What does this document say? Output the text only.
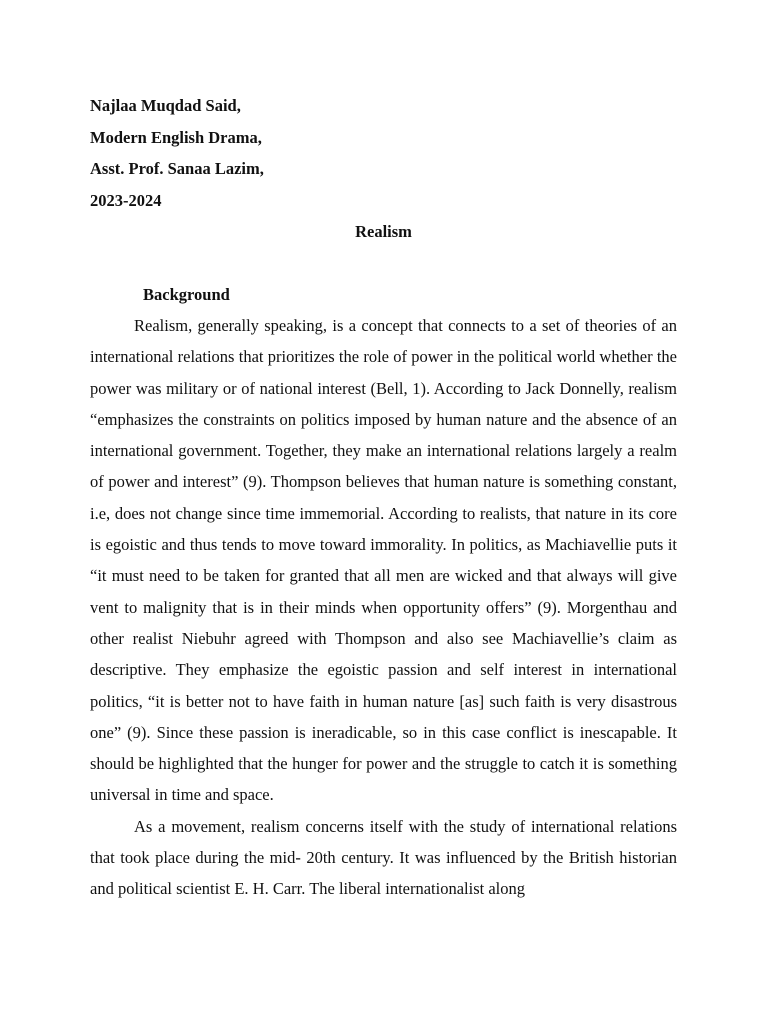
Najlaa Muqdad Said,

Modern English Drama,

Asst. Prof. Sanaa Lazim,

2023-2024

Realism

Background

Realism, generally speaking, is a concept that connects to a set of theories of an international relations that prioritizes the role of power in the political world whether the power was military or of national interest (Bell, 1). According to Jack Donnelly, realism “emphasizes the constraints on politics imposed by human nature and the absence of an international government. Together, they make an international relations largely a realm of power and interest” (9). Thompson believes that human nature is something constant, i.e, does not change since time immemorial. According to realists, that nature in its core is egoistic and thus tends to move toward immorality. In politics, as Machiavellie puts it “it must need to be taken for granted that all men are wicked and that always will give vent to malignity that is in their minds when opportunity offers” (9). Morgenthau and other realist Niebuhr agreed with Thompson and also see Machiavellie’s claim as descriptive. They emphasize the egoistic passion and self interest in international politics, “it is better not to have faith in human nature [as] such faith is very disastrous one” (9). Since these passion is ineradicable, so in this case conflict is inescapable. It should be highlighted that the hunger for power and the struggle to catch it is something universal in time and space.

As a movement, realism concerns itself with the study of international relations that took place during the mid- 20th century. It was influenced by the British historian and political scientist E. H. Carr. The liberal internationalist along
